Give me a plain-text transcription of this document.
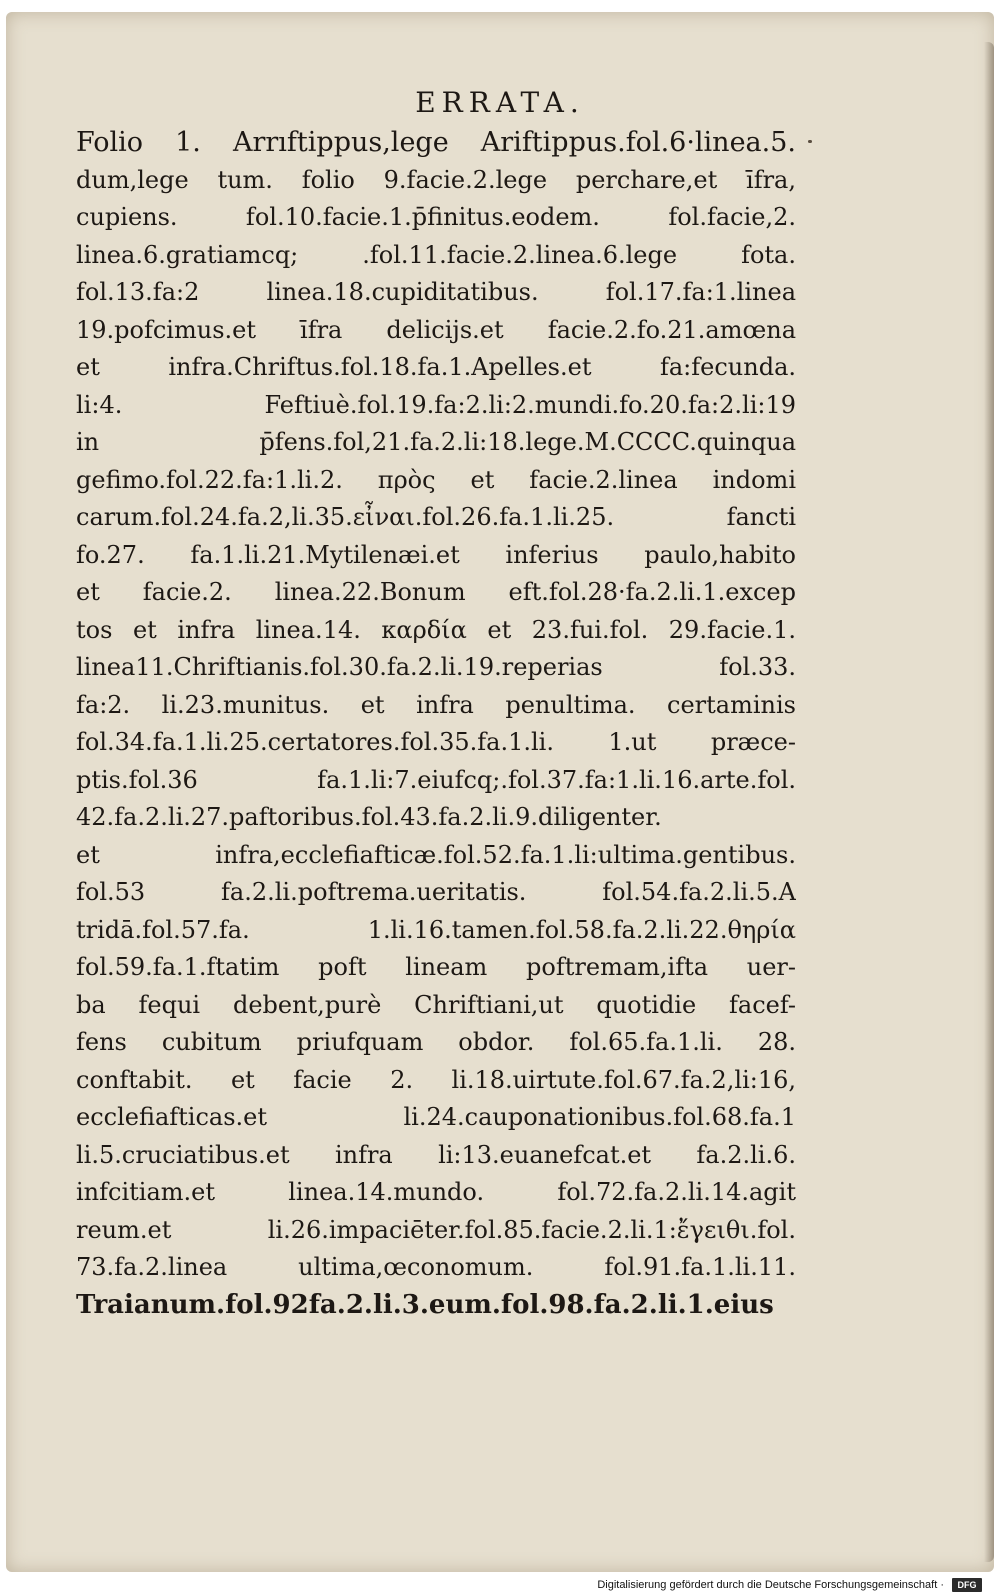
ERRATA.
Folio 1. Arrıftippus,lege Ariftippus.fol.6·linea.5.
dum,lege tum. folio 9.facie.2.lege perchare,et īfra,
cupiens. fol.10.facie.1.p̄finitus.eodem. fol.facie,2.
linea.6.gratiamcq; .fol.11.facie.2.linea.6.lege fota.
fol.13.fa:2 linea.18.cupiditatibus. fol.17.fa:1.linea
19.pofcimus.et īfra delicijs.et facie.2.fo.21.amœna
et infra.Chriftus.fol.18.fa.1.Apelles.et fa:fecunda.
li:4. Feftiuè.fol.19.fa:2.li:2.mundi.fo.20.fa:2.li:19
in p̄fens.fol,21.fa.2.li:18.lege.M.CCCC.quinqua
gefimo.fol.22.fa:1.li.2. πρὸς et facie.2.linea indomi
carum.fol.24.fa.2,li.35.εἶναι.fol.26.fa.1.li.25. fancti
fo.27. fa.1.li.21.Mytilenæi.et inferius paulo,habito
et facie.2. linea.22.Bonum eft.fol.28·fa.2.li.1.excep
tos et infra linea.14. καρδία et 23.fui.fol. 29.facie.1.
linea11.Chriftianis.fol.30.fa.2.li.19.reperias fol.33.
fa:2. li.23.munitus. et infra penultima. certaminis
fol.34.fa.1.li.25.certatores.fol.35.fa.1.li. 1.ut præce-
ptis.fol.36 fa.1.li:7.eiufcq;.fol.37.fa:1.li.16.arte.fol.
42.fa.2.li.27.paftoribus.fol.43.fa.2.li.9.diligenter.
et infra,ecclefiafticæ.fol.52.fa.1.li:ultima.gentibus.
fol.53 fa.2.li.poftrema.ueritatis. fol.54.fa.2.li.5.A
tridā.fol.57.fa. 1.li.16.tamen.fol.58.fa.2.li.22.θηρία
fol.59.fa.1.ftatim poft lineam poftremam,ifta uer-
ba fequi debent,purè Chriftiani,ut quotidie facef-
fens cubitum priufquam obdor. fol.65.fa.1.li. 28.
conftabit. et facie 2. li.18.uirtute.fol.67.fa.2,li:16,
ecclefiafticas.et li.24.cauponationibus.fol.68.fa.1
li.5.cruciatibus.et infra li:13.euanefcat.et fa.2.li.6.
infcitiam.et linea.14.mundo. fol.72.fa.2.li.14.agit
reum.et li.26.impaciēter.fol.85.facie.2.li.1:ἔγειθι.fol.
73.fa.2.linea ultima,œconomum. fol.91.fa.1.li.11.
Traianum.fol.92fa.2.li.3.eum.fol.98.fa.2.li.1.eius
Digitalisierung gefördert durch die Deutsche Forschungsgemeinschaft ·	DFG
